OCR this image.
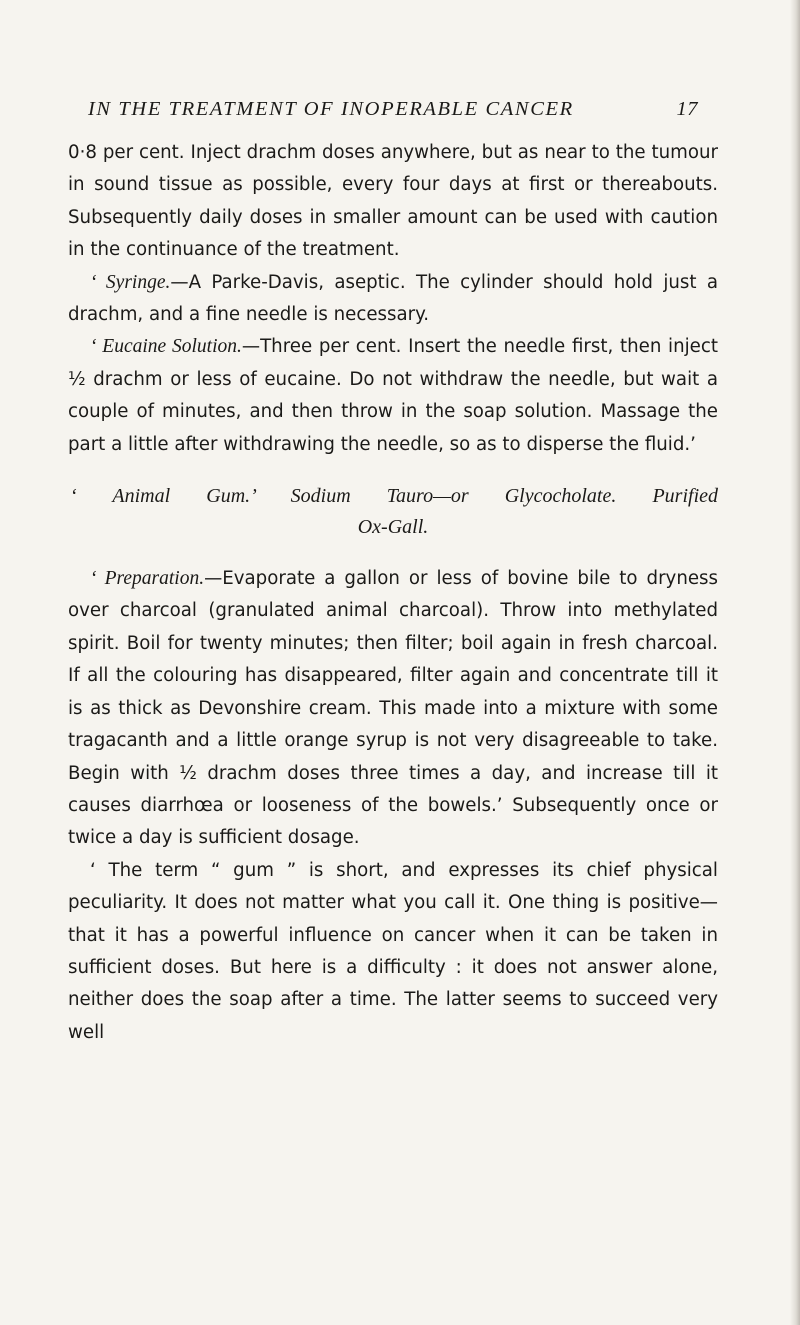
IN THE TREATMENT OF INOPERABLE CANCER	17

0·8 per cent. Inject drachm doses anywhere, but as near to the tumour in sound tissue as possible, every four days at first or thereabouts. Subsequently daily doses in smaller amount can be used with caution in the continuance of the treatment.

‘ Syringe.—A Parke-Davis, aseptic. The cylinder should hold just a drachm, and a fine needle is necessary.

‘ Eucaine Solution.—Three per cent. Insert the needle first, then inject ½ drachm or less of eucaine. Do not withdraw the needle, but wait a couple of minutes, and then throw in the soap solution. Massage the part a little after withdrawing the needle, so as to disperse the fluid.’

‘ Animal Gum.’ Sodium Tauro—or Glycocholate. Purified
Ox-Gall.

‘ Preparation.—Evaporate a gallon or less of bovine bile to dryness over charcoal (granulated animal charcoal). Throw into methylated spirit. Boil for twenty minutes; then filter; boil again in fresh charcoal. If all the colouring has disappeared, filter again and concentrate till it is as thick as Devonshire cream. This made into a mixture with some tragacanth and a little orange syrup is not very disagreeable to take. Begin with ½ drachm doses three times a day, and increase till it causes diarrhœa or looseness of the bowels.’ Subsequently once or twice a day is sufficient dosage.

‘ The term “ gum ” is short, and expresses its chief physical peculiarity. It does not matter what you call it. One thing is positive—that it has a powerful influence on cancer when it can be taken in sufficient doses. But here is a difficulty : it does not answer alone, neither does the soap after a time. The latter seems to succeed very well
